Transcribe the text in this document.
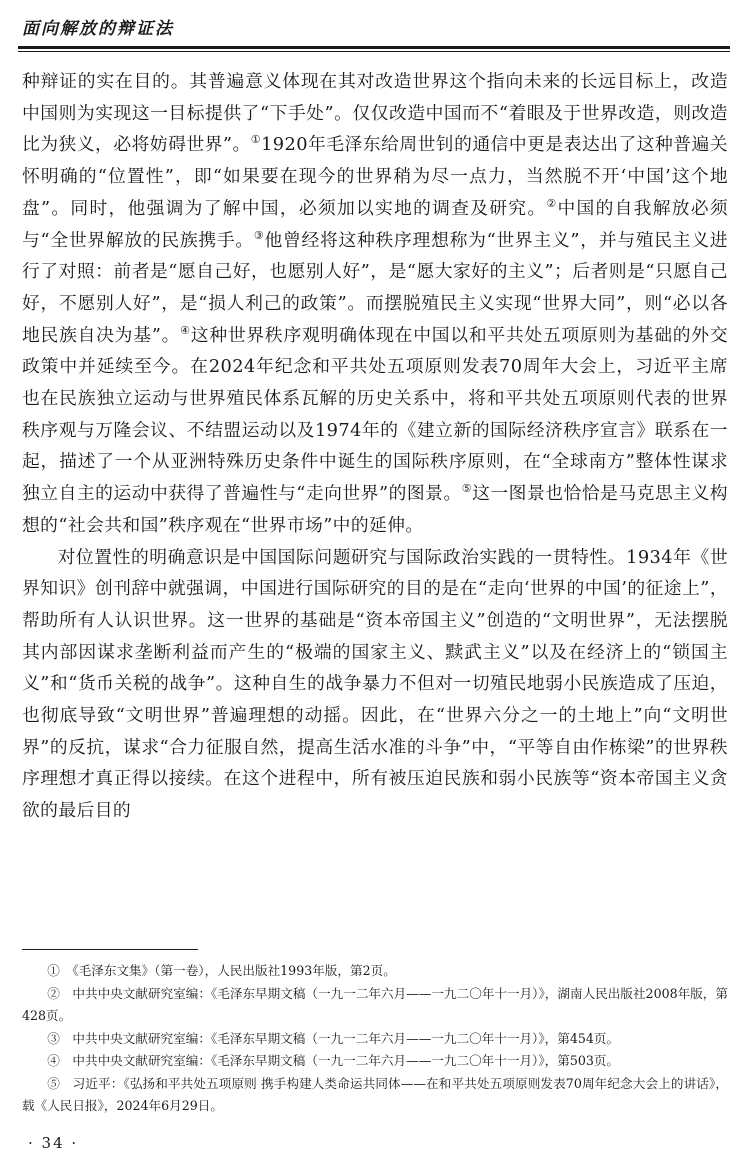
面向解放的辩证法

种辩证的实在目的。其普遍意义体现在其对改造世界这个指向未来的长远目标上，改造中国则为实现这一目标提供了“下手处”。仅仅改造中国而不“着眼及于世界改造，则改造比为狭义，必将妨碍世界”。①1920年毛泽东给周世钊的通信中更是表达出了这种普遍关怀明确的“位置性”，即“如果要在现今的世界稍为尽一点力，当然脱不开‘中国’这个地盘”。同时，他强调为了解中国，必须加以实地的调查及研究。②中国的自我解放必须与“全世界解放的民族携手。③他曾经将这种秩序理想称为“世界主义”，并与殖民主义进行了对照：前者是“愿自己好，也愿别人好”，是“愿大家好的主义”；后者则是“只愿自己好，不愿别人好”，是“损人利己的政策”。而摆脱殖民主义实现“世界大同”，则“必以各地民族自决为基”。④这种世界秩序观明确体现在中国以和平共处五项原则为基础的外交政策中并延续至今。在2024年纪念和平共处五项原则发表70周年大会上，习近平主席也在民族独立运动与世界殖民体系瓦解的历史关系中，将和平共处五项原则代表的世界秩序观与万隆会议、不结盟运动以及1974年的《建立新的国际经济秩序宣言》联系在一起，描述了一个从亚洲特殊历史条件中诞生的国际秩序原则，在“全球南方”整体性谋求独立自主的运动中获得了普遍性与“走向世界”的图景。⑤这一图景也恰恰是马克思主义构想的“社会共和国”秩序观在“世界市场”中的延伸。

对位置性的明确意识是中国国际问题研究与国际政治实践的一贯特性。1934年《世界知识》创刊辞中就强调，中国进行国际研究的目的是在“走向‘世界的中国’的征途上”，帮助所有人认识世界。这一世界的基础是“资本帝国主义”创造的“文明世界”，无法摆脱其内部因谋求垄断利益而产生的“极端的国家主义、黩武主义”以及在经济上的“锁国主义”和“货币关税的战争”。这种自生的战争暴力不但对一切殖民地弱小民族造成了压迫，也彻底导致“文明世界”普遍理想的动摇。因此，在“世界六分之一的土地上”向“文明世界”的反抗，谋求“合力征服自然，提高生活水准的斗争”中，“平等自由作栋梁”的世界秩序理想才真正得以接续。在这个进程中，所有被压迫民族和弱小民族等“资本帝国主义贪欲的最后目的

①　《毛泽东文集》（第一卷），人民出版社1993年版，第2页。

②　中共中央文献研究室编：《毛泽东早期文稿（一九一二年六月——一九二〇年十一月）》，湖南人民出版社2008年版，第428页。

③　中共中央文献研究室编：《毛泽东早期文稿（一九一二年六月——一九二〇年十一月）》，第454页。

④　中共中央文献研究室编：《毛泽东早期文稿（一九一二年六月——一九二〇年十一月）》，第503页。

⑤　习近平：《弘扬和平共处五项原则 携手构建人类命运共同体——在和平共处五项原则发表70周年纪念大会上的讲话》，载《人民日报》，2024年6月29日。

· 34 ·
